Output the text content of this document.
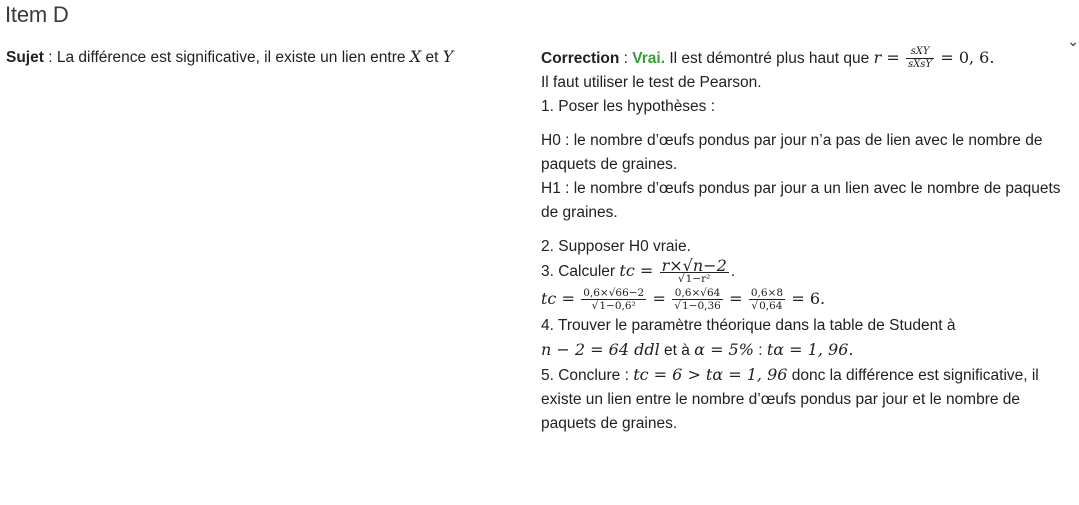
Item D
⌄
Sujet : La différence est significative, il existe un lien entre X et Y	Correction : Vrai. Il est démontré plus haut que $r = \frac{\text{sXY}}{\text{sXsY}} = 0$, 6.
Il faut utiliser le test de Pearson.
1. Poser les hypothèses :
H0 : le nombre d’œufs pondus par jour n’a pas de lien avec le nombre de paquets de graines.
H1 : le nombre d’œufs pondus par jour a un lien avec le nombre de paquets de graines.
2. Supposer H0 vraie.
3. Calculer tc = $\frac{r\times√n-2}{\text{√1−r²}}$ .
tc = $\frac{0,6\times√66-2}{\text{√1−0,6²}} = \frac{0,6\times√64}{√1-0,36} = \frac{0,6\times 8}{√0,64} = 6$.
4. Trouver le paramètre théorique dans la table de Student à
n − 2 = 64 ddl et à α = 5% : tα = 1, 96.
5. Conclure : tc = 6 > tα = 1, 96 donc la différence est significative, il existe un lien entre le nombre d’œufs pondus par jour et le nombre de paquets de graines.
